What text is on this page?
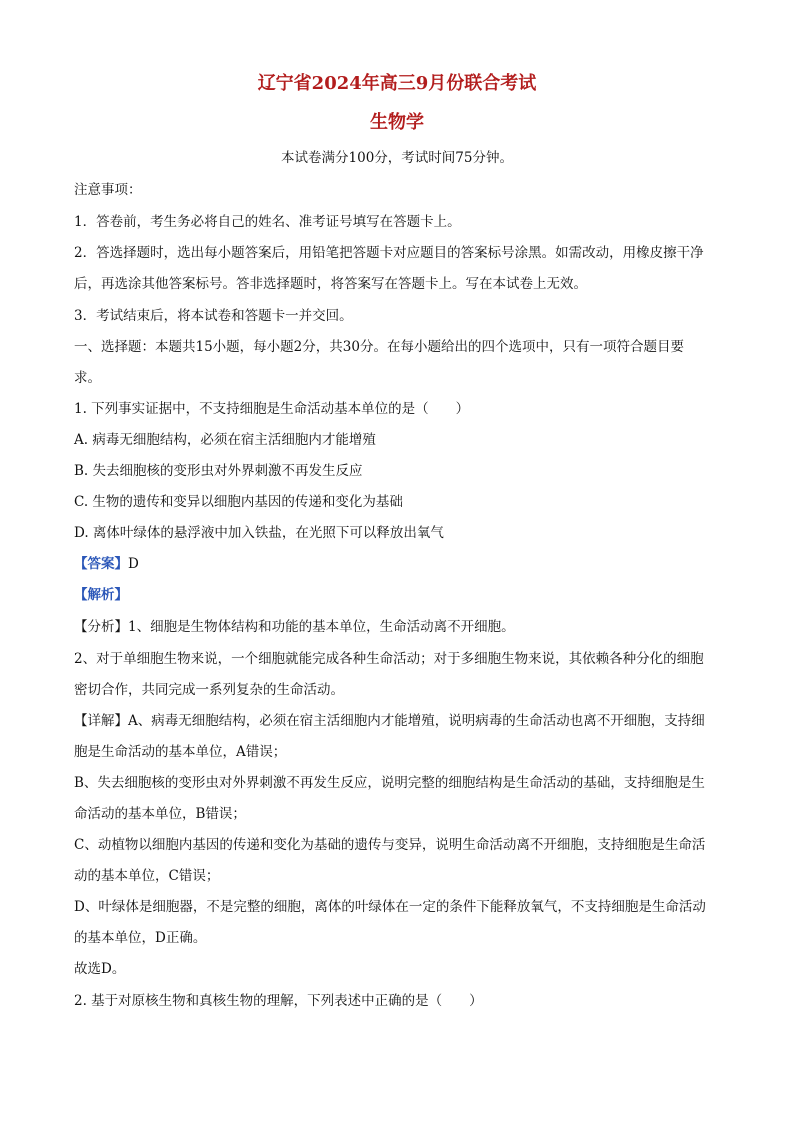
辽宁省2024年高三9月份联合考试
生物学
本试卷满分100分，考试时间75分钟。
注意事项：
1．答卷前，考生务必将自己的姓名、准考证号填写在答题卡上。
2．答选择题时，选出每小题答案后，用铅笔把答题卡对应题目的答案标号涂黑。如需改动，用橡皮擦干净
后，再选涂其他答案标号。答非选择题时，将答案写在答题卡上。写在本试卷上无效。
3．考试结束后，将本试卷和答题卡一并交回。
一、选择题：本题共15小题，每小题2分，共30分。在每小题给出的四个选项中，只有一项符合题目要
求。
1. 下列事实证据中，不支持细胞是生命活动基本单位的是（　　）
A. 病毒无细胞结构，必须在宿主活细胞内才能增殖
B. 失去细胞核的变形虫对外界刺激不再发生反应
C. 生物的遗传和变异以细胞内基因的传递和变化为基础
D. 离体叶绿体的悬浮液中加入铁盐，在光照下可以释放出氧气
【答案】D
【解析】
【分析】1、细胞是生物体结构和功能的基本单位，生命活动离不开细胞。
2、对于单细胞生物来说，一个细胞就能完成各种生命活动；对于多细胞生物来说，其依赖各种分化的细胞
密切合作，共同完成一系列复杂的生命活动。
【详解】A、病毒无细胞结构，必须在宿主活细胞内才能增殖，说明病毒的生命活动也离不开细胞，支持细
胞是生命活动的基本单位，A错误；
B、失去细胞核的变形虫对外界刺激不再发生反应，说明完整的细胞结构是生命活动的基础，支持细胞是生
命活动的基本单位，B错误；
C、动植物以细胞内基因的传递和变化为基础的遗传与变异，说明生命活动离不开细胞，支持细胞是生命活
动的基本单位，C错误；
D、叶绿体是细胞器，不是完整的细胞，离体的叶绿体在一定的条件下能释放氧气，不支持细胞是生命活动
的基本单位，D正确。
故选D。
2. 基于对原核生物和真核生物的理解，下列表述中正确的是（　　）
